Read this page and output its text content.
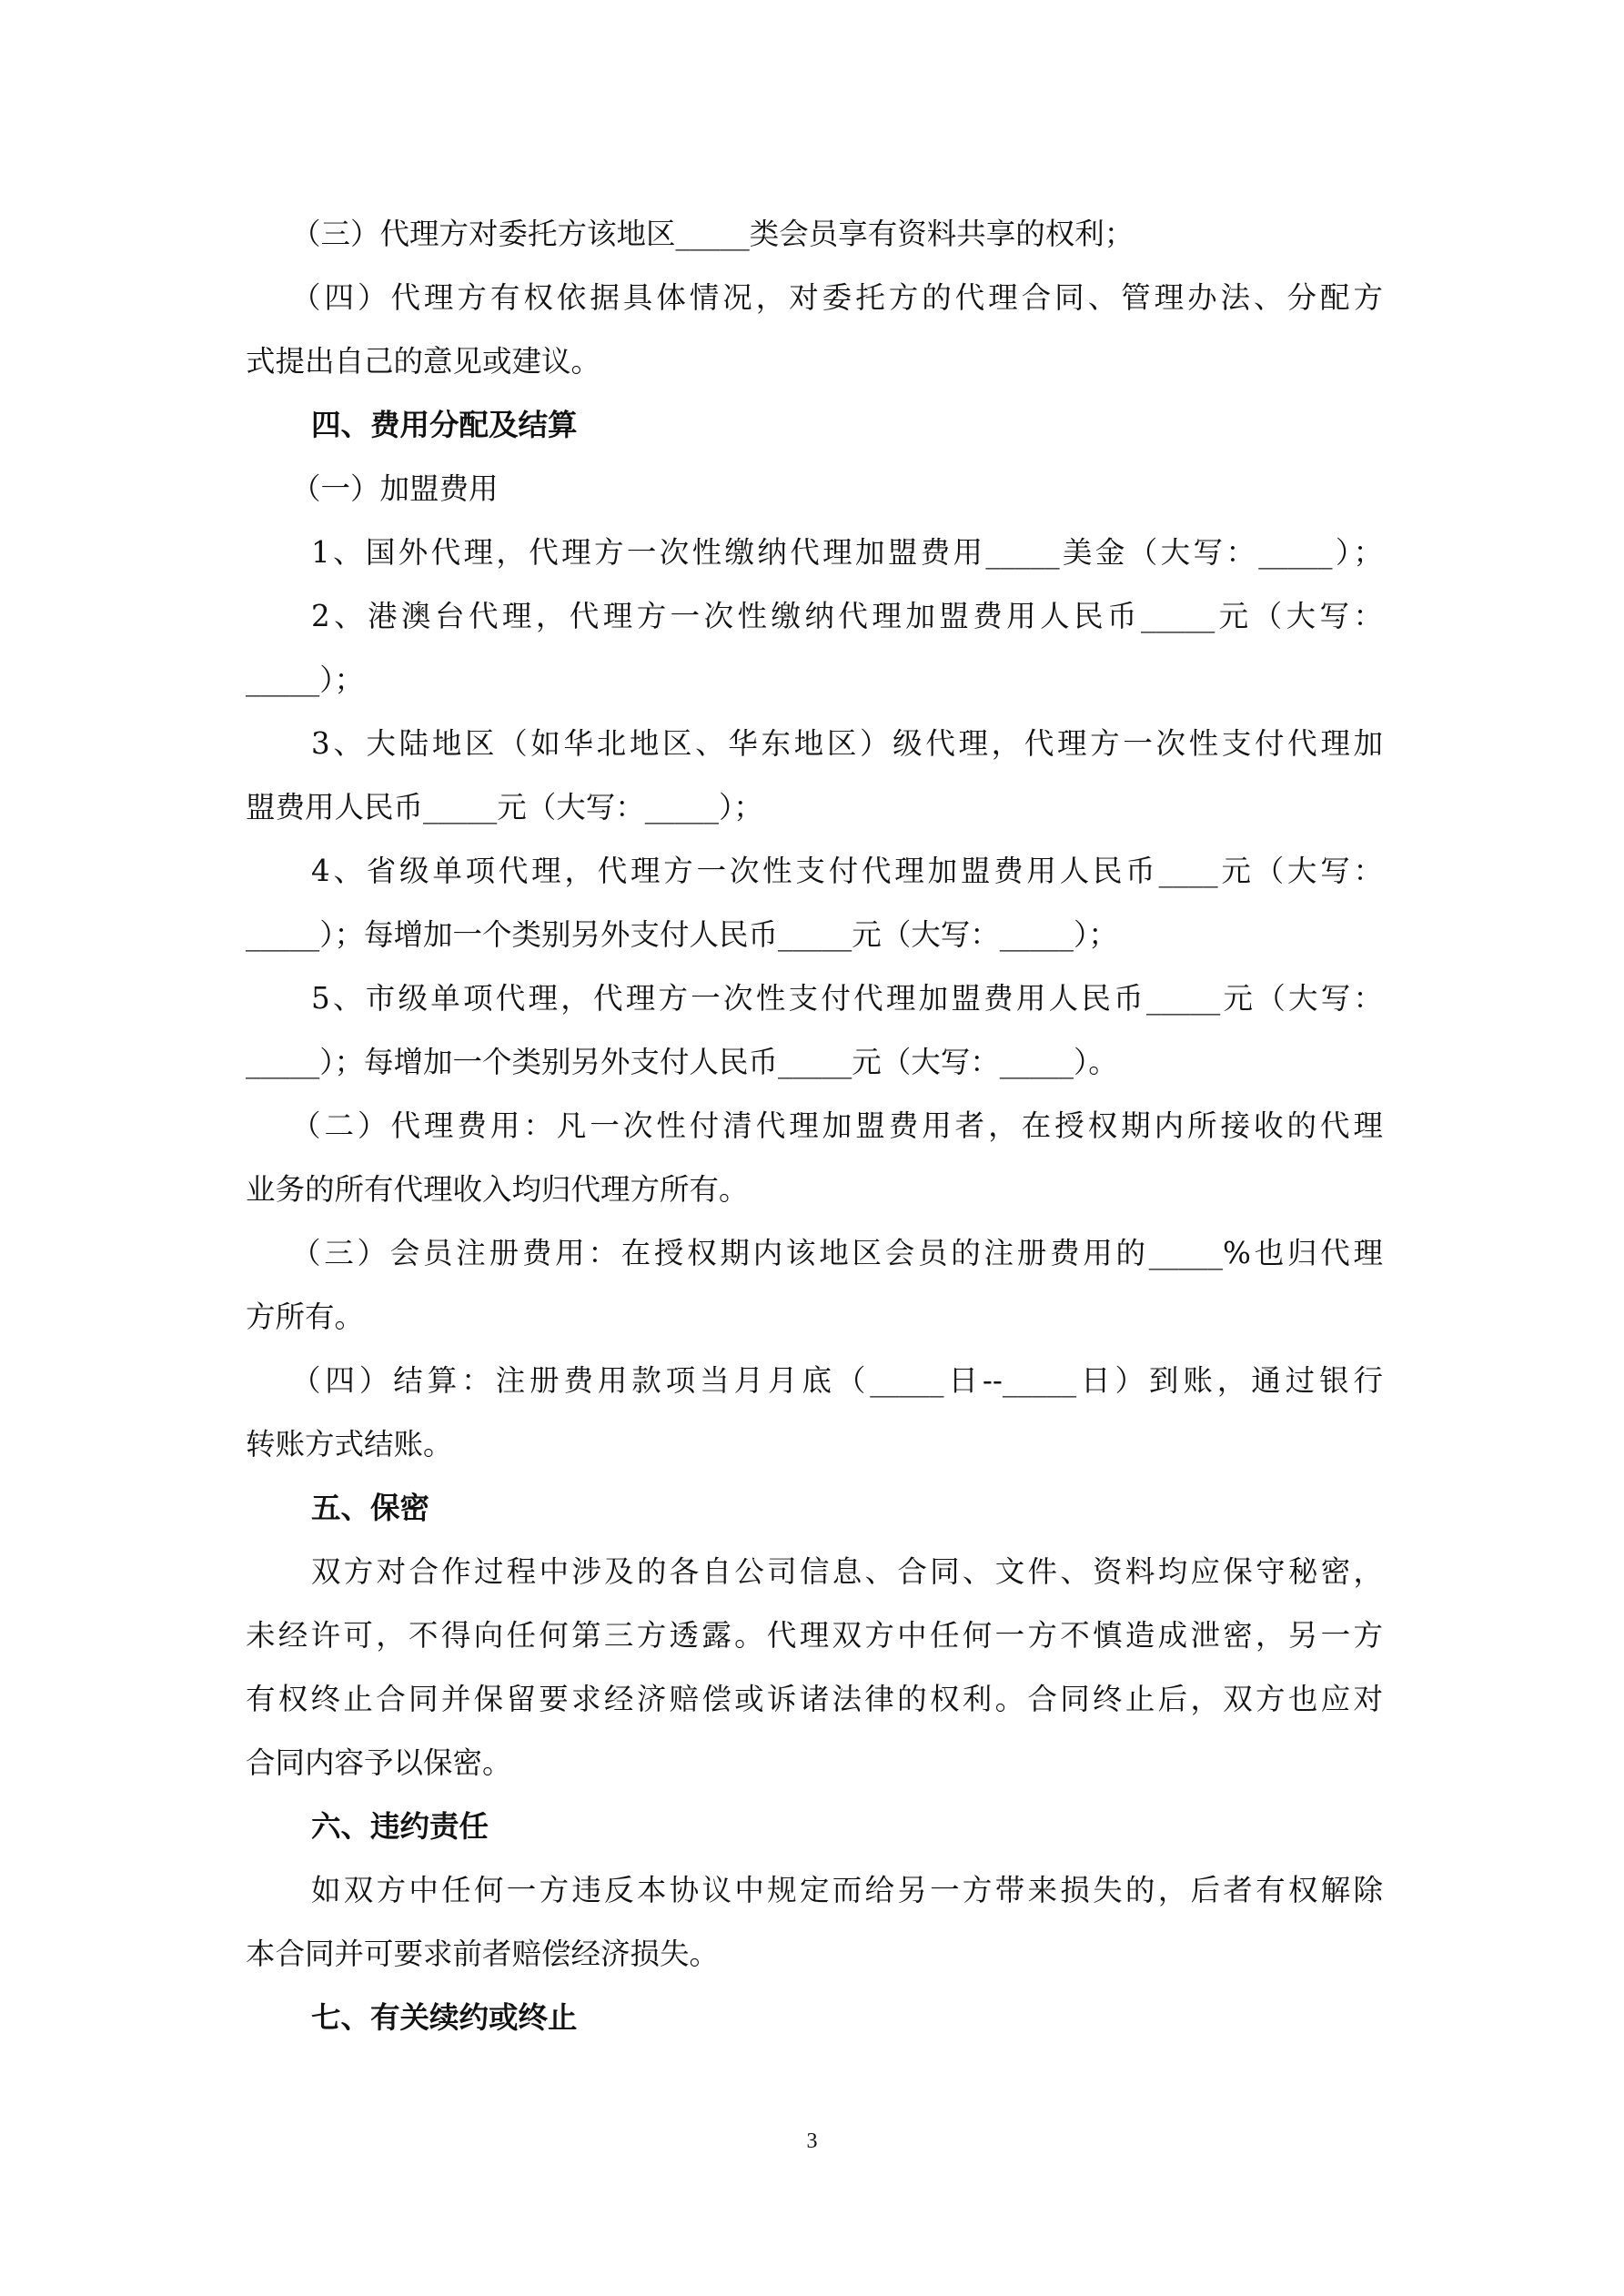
（三）代理方对委托方该地区_____类会员享有资料共享的权利；
（四）代理方有权依据具体情况，对委托方的代理合同、管理办法、分配方
式提出自己的意见或建议。
四、费用分配及结算
（一）加盟费用
1、国外代理，代理方一次性缴纳代理加盟费用_____美金（大写：_____）；
2、港澳台代理，代理方一次性缴纳代理加盟费用人民币_____元（大写：
_____）；
3、大陆地区（如华北地区、华东地区）级代理，代理方一次性支付代理加
盟费用人民币_____元（大写：_____）；
4、省级单项代理，代理方一次性支付代理加盟费用人民币____元（大写：
_____）；每增加一个类别另外支付人民币_____元（大写：_____）；
5、市级单项代理，代理方一次性支付代理加盟费用人民币_____元（大写：
_____）；每增加一个类别另外支付人民币_____元（大写：_____）。
（二）代理费用：凡一次性付清代理加盟费用者，在授权期内所接收的代理
业务的所有代理收入均归代理方所有。
（三）会员注册费用：在授权期内该地区会员的注册费用的_____%也归代理
方所有。
（四）结算：注册费用款项当月月底（_____日--_____日）到账，通过银行
转账方式结账。
五、保密
双方对合作过程中涉及的各自公司信息、合同、文件、资料均应保守秘密，
未经许可，不得向任何第三方透露。代理双方中任何一方不慎造成泄密，另一方
有权终止合同并保留要求经济赔偿或诉诸法律的权利。合同终止后，双方也应对
合同内容予以保密。
六、违约责任
如双方中任何一方违反本协议中规定而给另一方带来损失的，后者有权解除
本合同并可要求前者赔偿经济损失。
七、有关续约或终止
3
